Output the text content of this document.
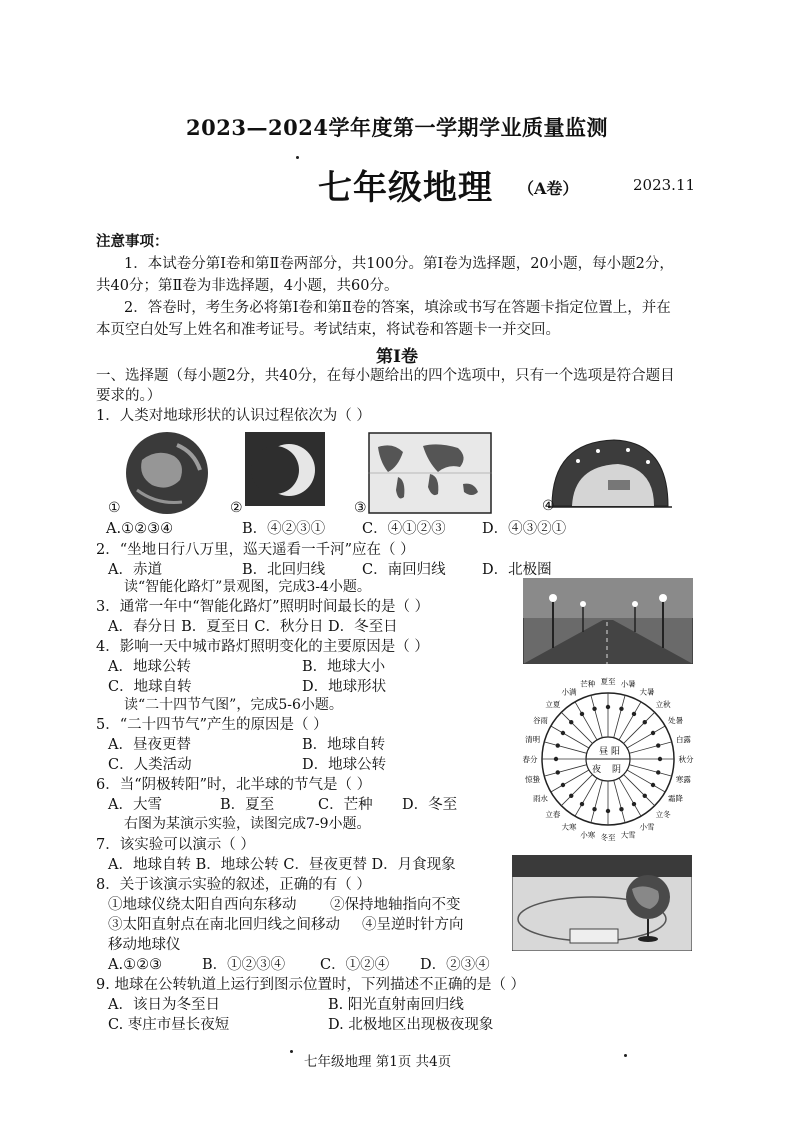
2023—2024学年度第一学期学业质量监测
七年级地理 （A卷）	2023.11
注意事项：
1．本试卷分第Ⅰ卷和第Ⅱ卷两部分，共100分。第Ⅰ卷为选择题，20小题，每小题2分，
共40分；第Ⅱ卷为非选择题，4小题，共60分。
2．答卷时，考生务必将第Ⅰ卷和第Ⅱ卷的答案，填涂或书写在答题卡指定位置上，并在
本页空白处写上姓名和准考证号。考试结束，将试卷和答题卡一并交回。
第Ⅰ卷
一、选择题（每小题2分，共40分，在每小题给出的四个选项中，只有一个选项是符合题目
要求的。）
1．人类对地球形状的认识过程依次为（ ）
①	②	③	④
A.①②③④	B．④②③①	C．④①②③	D．④③②①
2．“坐地日行八万里，巡天遥看一千河”应在（ ）
A．赤道	B．北回归线	C．南回归线	D．北极圈
读“智能化路灯”景观图，完成3-4小题。
3．通常一年中“智能化路灯”照明时间最长的是（ ）
A．春分日 B．夏至日 C．秋分日 D．冬至日
4．影响一天中城市路灯照明变化的主要原因是（ ）
A．地球公转	B．地球大小
C．地球自转	D．地球形状
读“二十四节气图”，完成5-6小题。
夏至 小暑
大暑
立秋
处暑
白露
秋分
寒露
霜降
立冬
小雪
大雪
冬至
小寒
大寒
立春
雨水
惊蛰
春分
清明
谷雨
立夏
小满
芒种
昼 阳
夜 阴
5．“二十四节气”产生的原因是（ ）
A．昼夜更替	B．地球自转
C．人类活动	D．地球公转
6．当“阴极转阳”时，北半球的节气是（ ）
A．大雪	B．夏至	C．芒种 D．冬至
右图为某演示实验，读图完成7-9小题。
7．该实验可以演示（ ）
A．地球自转 B．地球公转 C．昼夜更替 D．月食现象
8．关于该演示实验的叙述，正确的有（ ）
①地球仪绕太阳自西向东移动 ②保持地轴指向不变
③太阳直射点在南北回归线之间移动 ④呈逆时针方向
移动地球仪
A.①②③	B．①②③④ C．①②④ D．②③④
9. 地球在公转轨道上运行到图示位置时，下列描述不正确的是（ ）
A．该日为冬至日	B. 阳光直射南回归线
C. 枣庄市昼长夜短	D. 北极地区出现极夜现象
七年级地理 第1页 共4页
